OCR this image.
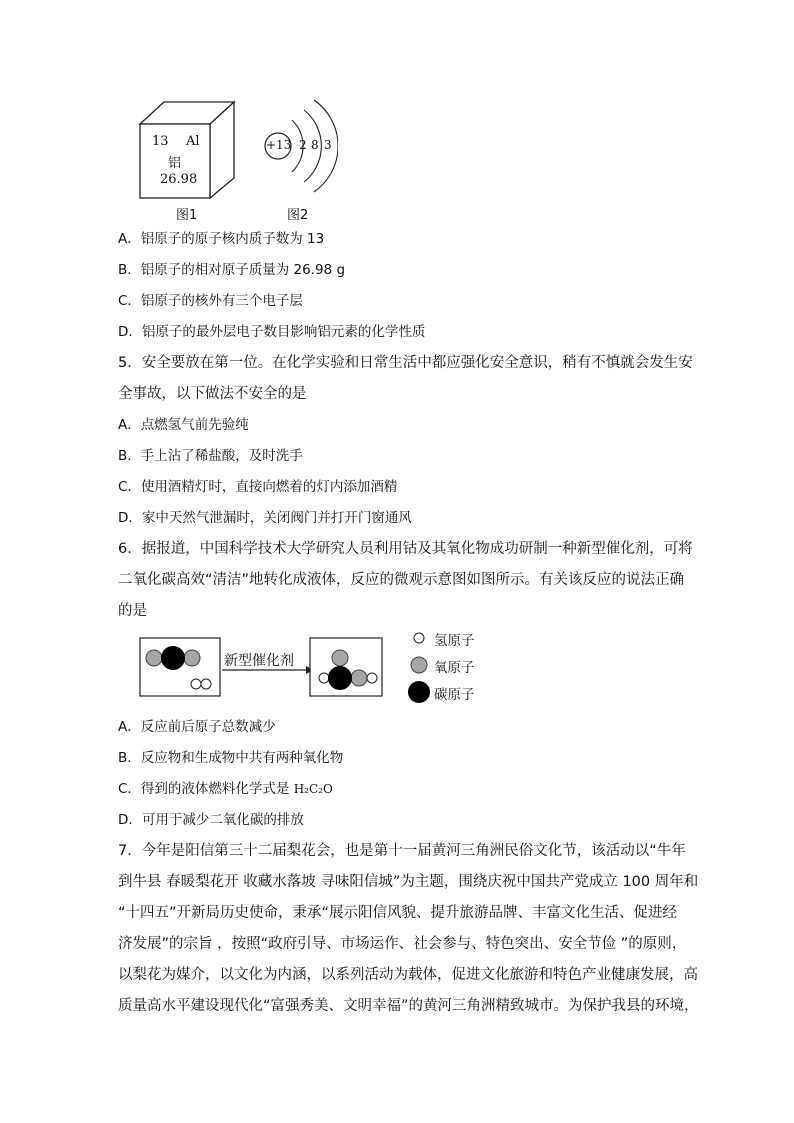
13 Al
铝
26.98
图1
+13 2 8 3
图2
A．铝原子的原子核内质子数为 13
B．铝原子的相对原子质量为 26.98 g
C．铝原子的核外有三个电子层
D．铝原子的最外层电子数目影响铝元素的化学性质
5．安全要放在第一位。在化学实验和日常生活中都应强化安全意识，稍有不慎就会发生安
全事故，以下做法不安全的是
A．点燃氢气前先验纯
B．手上沾了稀盐酸，及时洗手
C．使用酒精灯时，直接向燃着的灯内添加酒精
D．家中天然气泄漏时，关闭阀门并打开门窗通风
6．据报道，中国科学技术大学研究人员利用钴及其氧化物成功研制一种新型催化剂，可将
二氧化碳高效“清洁”地转化成液体，反应的微观示意图如图所示。有关该反应的说法正确
的是
新型催化剂
氢原子
氧原子
碳原子
A．反应前后原子总数减少
B．反应物和生成物中共有两种氧化物
C．得到的液体燃料化学式是 H₂C₂O
D．可用于减少二氧化碳的排放
7．今年是阳信第三十二届梨花会，也是第十一届黄河三角洲民俗文化节，该活动以“牛年
到牛县 春暖梨花开 收藏水落坡 寻味阳信城”为主题，围绕庆祝中国共产党成立 100 周年和
“十四五”开新局历史使命，秉承“展示阳信风貌、提升旅游品牌、丰富文化生活、促进经
济发展”的宗旨 ，按照“政府引导、市场运作、社会参与、特色突出、安全节俭 ”的原则，
以梨花为媒介，以文化为内涵，以系列活动为载体，促进文化旅游和特色产业健康发展，高
质量高水平建设现代化“富强秀美、文明幸福”的黄河三角洲精致城市。为保护我县的环境，
